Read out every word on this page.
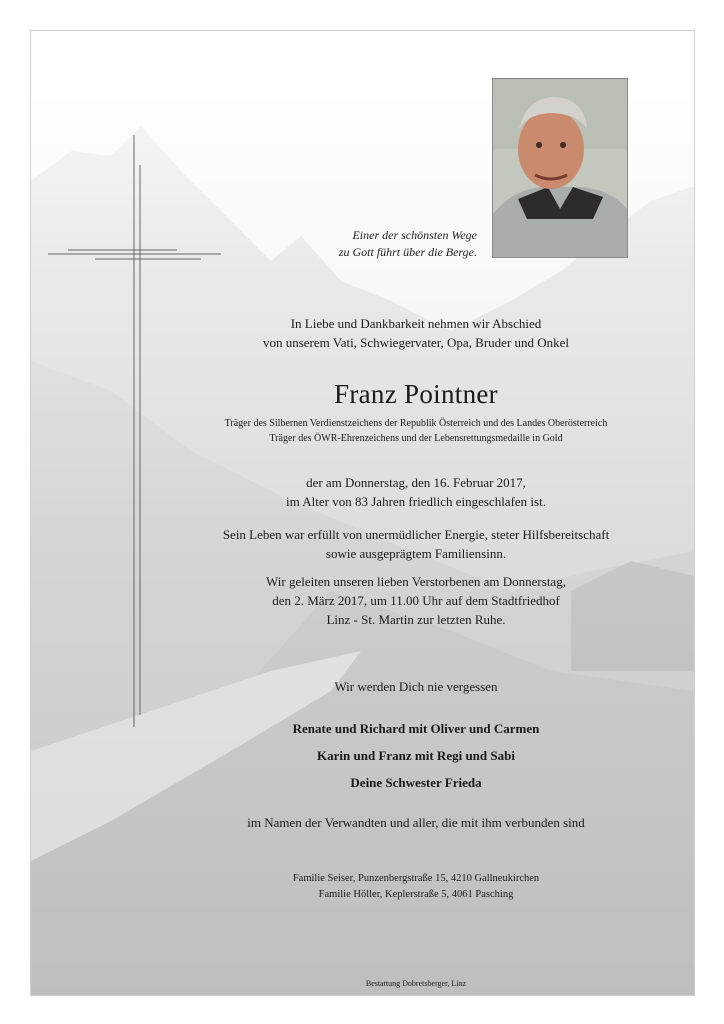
Einer der schönsten Wege
zu Gott führt über die Berge.
In Liebe und Dankbarkeit nehmen wir Abschied
von unserem Vati, Schwiegervater, Opa, Bruder und Onkel
Franz Pointner
Träger des Silbernen Verdienstzeichens der Republik Österreich und des Landes Oberösterreich
Träger des ÖWR-Ehrenzeichens und der Lebensrettungsmedaille in Gold
der am Donnerstag, den 16. Februar 2017,
im Alter von 83 Jahren friedlich eingeschlafen ist.
Sein Leben war erfüllt von unermüdlicher Energie, steter Hilfsbereitschaft
sowie ausgeprägtem Familiensinn.
Wir geleiten unseren lieben Verstorbenen am Donnerstag,
den 2. März 2017, um 11.00 Uhr auf dem Stadtfriedhof
Linz - St. Martin zur letzten Ruhe.
Wir werden Dich nie vergessen
Renate und Richard mit Oliver und Carmen
Karin und Franz mit Regi und Sabi
Deine Schwester Frieda
im Namen der Verwandten und aller, die mit ihm verbunden sind
Familie Seiser, Punzenbergstraße 15, 4210 Gallneukirchen
Familie Höller, Keplerstraße 5, 4061 Pasching
Bestattung Dobretsberger, Linz
